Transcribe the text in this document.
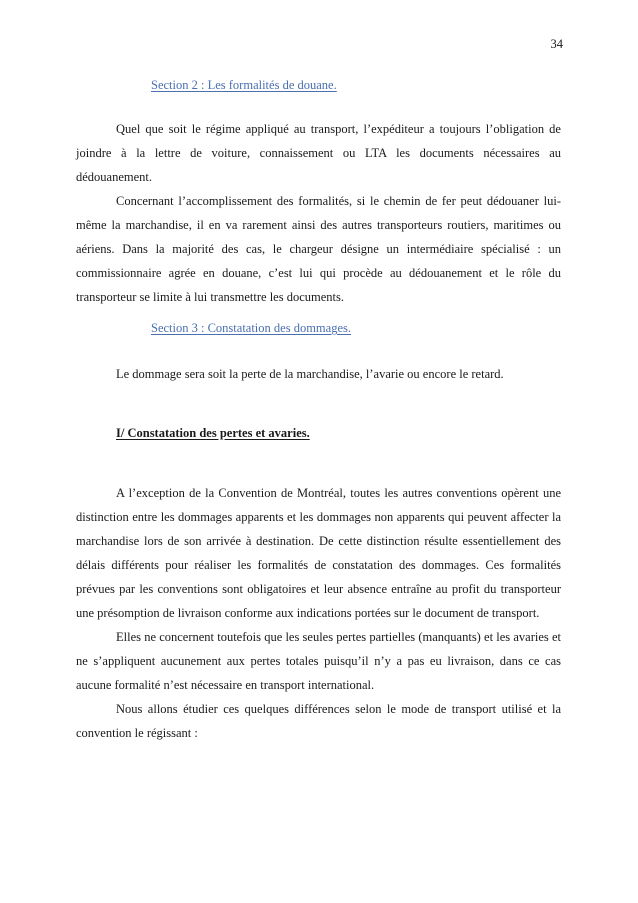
34
Section 2 : Les formalités de douane.

Quel que soit le régime appliqué au transport, l’expéditeur a toujours l’obligation de joindre à la lettre de voiture, connaissement ou LTA les documents nécessaires au dédouanement.

Concernant l’accomplissement des formalités, si le chemin de fer peut dédouaner lui-même la marchandise, il en va rarement ainsi des autres transporteurs routiers, maritimes ou aériens. Dans la majorité des cas, le chargeur désigne un intermédiaire spécialisé : un commissionnaire agrée en douane, c’est lui qui procède au dédouanement et le rôle du transporteur se limite à lui transmettre les documents.

Section 3 : Constatation des dommages.

Le dommage sera soit la perte de la marchandise, l’avarie ou encore le retard.

I/ Constatation des pertes et avaries.

A l’exception de la Convention de Montréal, toutes les autres conventions opèrent une distinction entre les dommages apparents et les dommages non apparents qui peuvent affecter la marchandise lors de son arrivée à destination. De cette distinction résulte essentiellement des délais différents pour réaliser les formalités de constatation des dommages. Ces formalités prévues par les conventions sont obligatoires et leur absence entraîne au profit du transporteur une présomption de livraison conforme aux indications portées sur le document de transport.

Elles ne concernent toutefois que les seules pertes partielles (manquants) et les avaries et ne s’appliquent aucunement aux pertes totales puisqu’il n’y a pas eu livraison, dans ce cas aucune formalité n’est nécessaire en transport international.

Nous allons étudier ces quelques différences selon le mode de transport utilisé et la convention le régissant :
